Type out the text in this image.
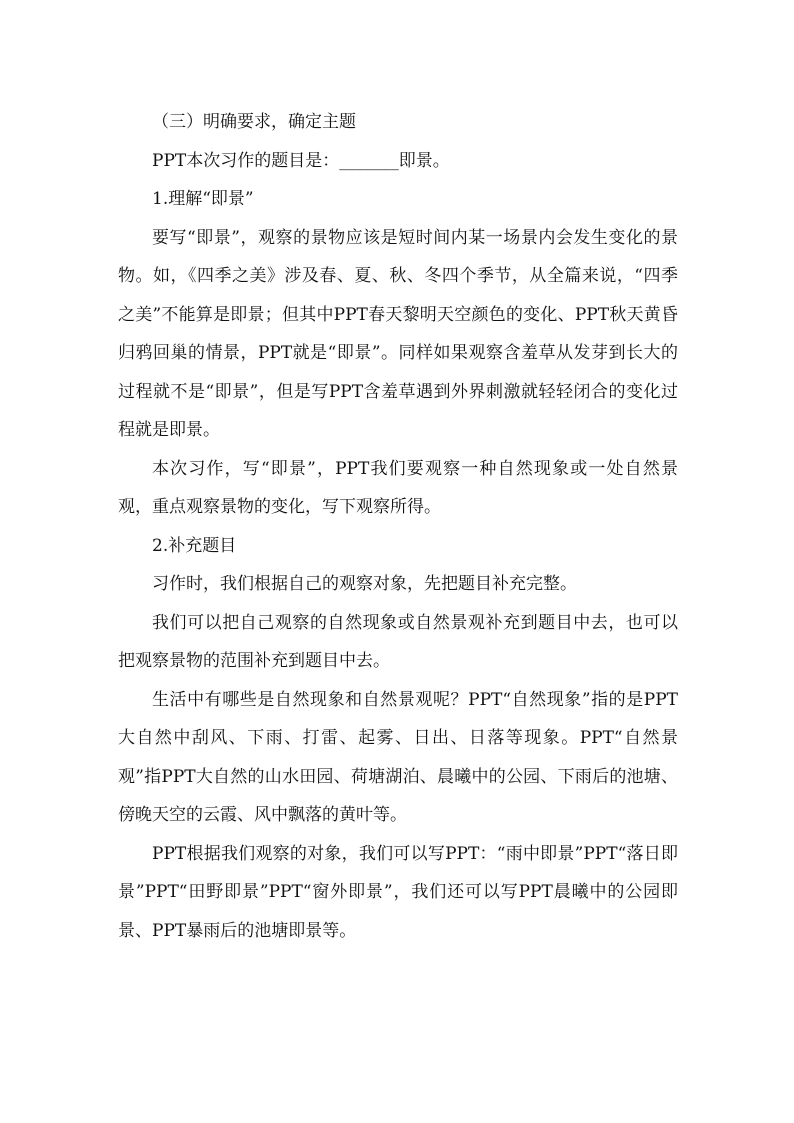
（三）明确要求，确定主题

PPT本次习作的题目是：_______即景。

1.理解“即景”

要写“即景”，观察的景物应该是短时间内某一场景内会发生变化的景物。如，《四季之美》涉及春、夏、秋、冬四个季节，从全篇来说，“四季之美”不能算是即景；但其中PPT春天黎明天空颜色的变化、PPT秋天黄昏归鸦回巢的情景，PPT就是“即景”。同样如果观察含羞草从发芽到长大的过程就不是“即景”，但是写PPT含羞草遇到外界刺激就轻轻闭合的变化过程就是即景。

本次习作，写“即景”，PPT我们要观察一种自然现象或一处自然景观，重点观察景物的变化，写下观察所得。

2.补充题目

习作时，我们根据自己的观察对象，先把题目补充完整。

我们可以把自己观察的自然现象或自然景观补充到题目中去，也可以把观察景物的范围补充到题目中去。

生活中有哪些是自然现象和自然景观呢？PPT“自然现象”指的是PPT大自然中刮风、下雨、打雷、起雾、日出、日落等现象。PPT“自然景观”指PPT大自然的山水田园、荷塘湖泊、晨曦中的公园、下雨后的池塘、傍晚天空的云霞、风中飘落的黄叶等。

PPT根据我们观察的对象，我们可以写PPT：“雨中即景”PPT“落日即景”PPT“田野即景”PPT“窗外即景”，我们还可以写PPT晨曦中的公园即景、PPT暴雨后的池塘即景等。
